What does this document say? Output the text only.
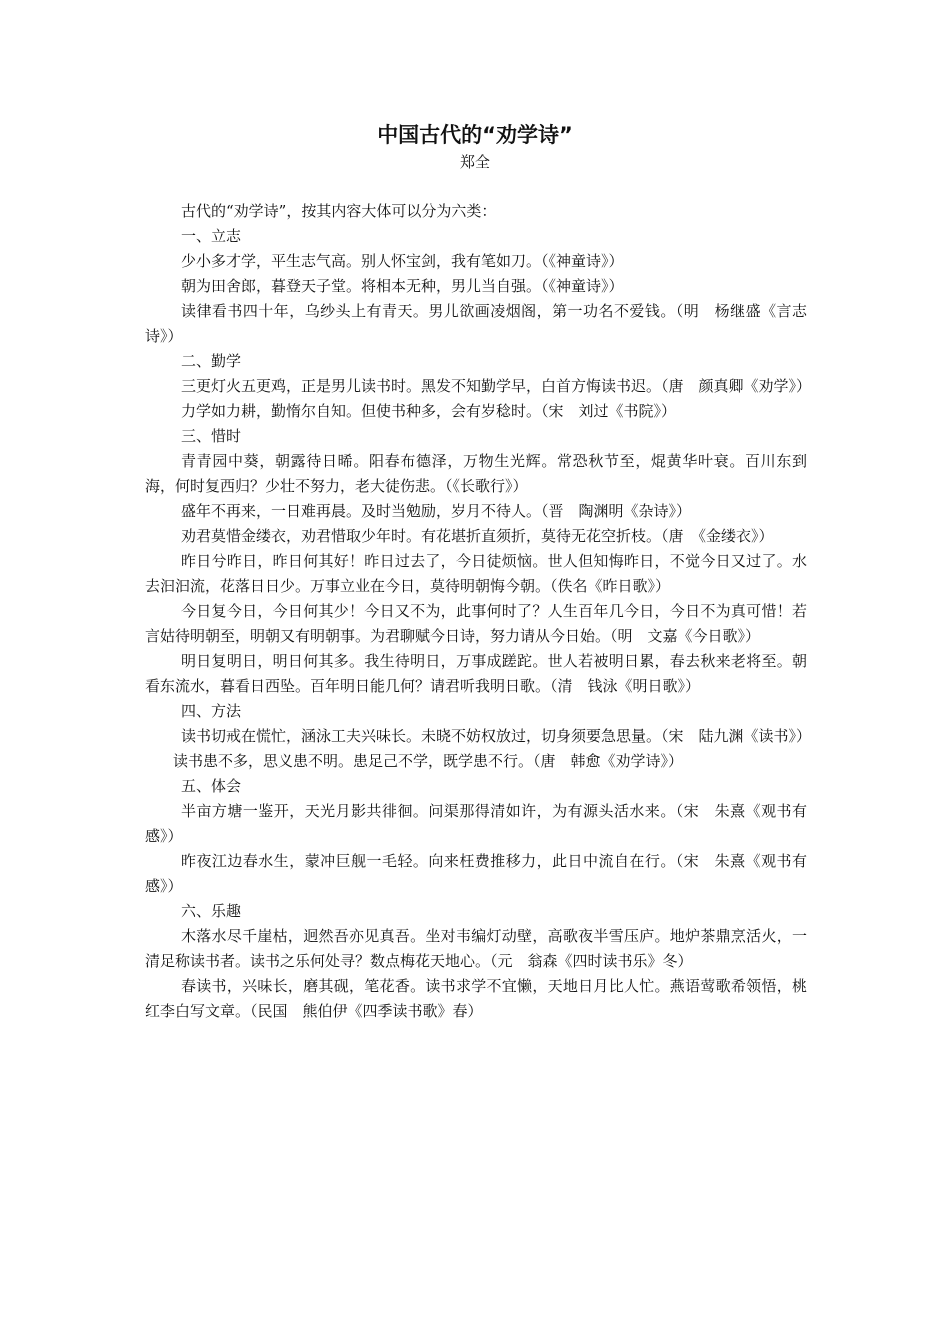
中国古代的“劝学诗”
郑全

古代的“劝学诗”，按其内容大体可以分为六类：

一、立志

少小多才学，平生志气高。别人怀宝剑，我有笔如刀。（《神童诗》）

朝为田舍郎，暮登天子堂。将相本无种，男儿当自强。（《神童诗》）

读律看书四十年，乌纱头上有青天。男儿欲画凌烟阁，第一功名不爱钱。（明　杨继盛《言志诗》）

二、勤学

三更灯火五更鸡，正是男儿读书时。黑发不知勤学早，白首方悔读书迟。（唐　颜真卿《劝学》）

力学如力耕，勤惰尔自知。但使书种多，会有岁稔时。（宋　刘过《书院》）

三、惜时

青青园中葵，朝露待日晞。阳春布德泽，万物生光辉。常恐秋节至，焜黄华叶衰。百川东到海，何时复西归？少壮不努力，老大徒伤悲。（《长歌行》）

盛年不再来，一日难再晨。及时当勉励，岁月不待人。（晋　陶渊明《杂诗》）

劝君莫惜金缕衣，劝君惜取少年时。有花堪折直须折，莫待无花空折枝。（唐　《金缕衣》）

昨日兮昨日，昨日何其好！昨日过去了，今日徒烦恼。世人但知悔昨日，不觉今日又过了。水去汩汩流，花落日日少。万事立业在今日，莫待明朝悔今朝。（佚名《昨日歌》）

今日复今日，今日何其少！今日又不为，此事何时了？人生百年几今日，今日不为真可惜！若言姑待明朝至，明朝又有明朝事。为君聊赋今日诗，努力请从今日始。（明　文嘉《今日歌》）

明日复明日，明日何其多。我生待明日，万事成蹉跎。世人若被明日累，春去秋来老将至。朝看东流水，暮看日西坠。百年明日能几何？请君听我明日歌。（清　钱泳《明日歌》）

四、方法

读书切戒在慌忙，涵泳工夫兴味长。未晓不妨权放过，切身须要急思量。（宋　陆九渊《读书》）

读书患不多，思义患不明。患足己不学，既学患不行。（唐　韩愈《劝学诗》）

五、体会

半亩方塘一鉴开，天光月影共徘徊。问渠那得清如许，为有源头活水来。（宋　朱熹《观书有感》）

昨夜江边春水生，蒙冲巨舰一毛轻。向来枉费推移力，此日中流自在行。（宋　朱熹《观书有感》）

六、乐趣

木落水尽千崖枯，迥然吾亦见真吾。坐对韦编灯动壁，高歌夜半雪压庐。地炉茶鼎烹活火，一清足称读书者。读书之乐何处寻？数点梅花天地心。（元　翁森《四时读书乐》冬）

春读书，兴味长，磨其砚，笔花香。读书求学不宜懒，天地日月比人忙。燕语莺歌希领悟，桃红李白写文章。（民国　熊伯伊《四季读书歌》春）
